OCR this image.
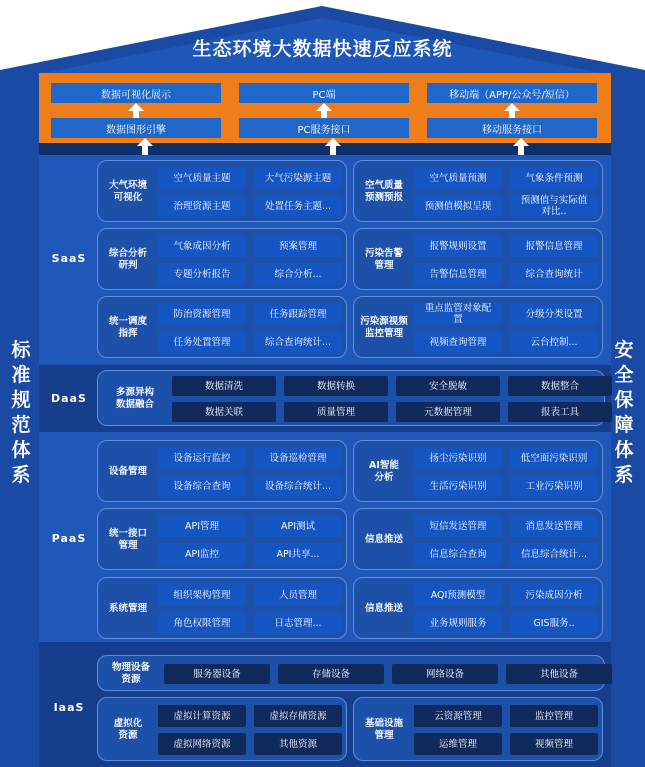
生态环境大数据快速反应系统
标准规范体系
安全保障体系
数据可视化展示	PC端	移动端（APP/公众号/短信）
数据图形引擎	PC服务接口	移动服务接口
SaaS
DaaS
PaaS
IaaS
大气环境
可视化
空气质量主题	大气污染源主题
治理资源主题	处置任务主题...
空气质量
预测预报
空气质量预测	气象条件预测
预测值模拟呈现	预测值与实际值
对比..
综合分析
研判
气象成因分析	预案管理
专题分析报告	综合分析...
污染告警
管理
报警规则设置	报警信息管理
告警信息管理	综合查询统计
统一调度
指挥
防治资源管理	任务跟踪管理
任务处置管理	综合查询统计...
污染源视频
监控管理
重点监管对象配
置	分级分类设置
视频查询管理	云台控制...
多源异构
数据融合
数据清洗	数据转换	安全脱敏	数据整合
数据关联	质量管理	元数据管理	报表工具
设备管理
设备运行监控	设备巡检管理
设备综合查询	设备综合统计...
AI智能
分析
扬尘污染识别	低空面污染识别
生活污染识别	工业污染识别
统一接口
管理
API管理	API测试
API监控	API共享...
信息推送
短信发送管理	消息发送管理
信息综合查询	信息综合统计...
系统管理
组织架构管理	人员管理
角色权限管理	日志管理...
信息推送
AQI预测模型	污染成因分析
业务规则服务	GIS服务..
物理设备
资源	服务器设备	存储设备	网络设备	其他设备
虚拟化
资源
虚拟计算资源	虚拟存储资源
虚拟网络资源	其他资源
基础设施
管理
云资源管理	监控管理
运维管理	视频管理
